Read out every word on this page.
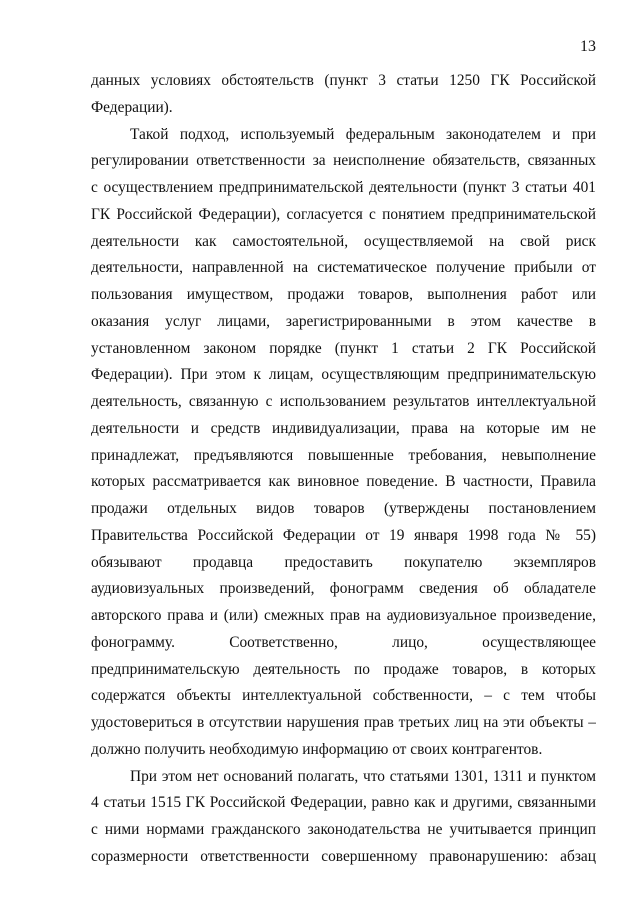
13
данных условиях обстоятельств (пункт 3 статьи 1250 ГК Российской
Федерации).
Такой подход, используемый федеральным законодателем и при
регулировании ответственности за неисполнение обязательств, связанных
с осуществлением предпринимательской деятельности (пункт 3 статьи 401
ГК Российской Федерации), согласуется с понятием предпринимательской
деятельности как самостоятельной, осуществляемой на свой риск
деятельности, направленной на систематическое получение прибыли от
пользования имуществом, продажи товаров, выполнения работ или
оказания услуг лицами, зарегистрированными в этом качестве в
установленном законом порядке (пункт 1 статьи 2 ГК Российской
Федерации). При этом к лицам, осуществляющим предпринимательскую
деятельность, связанную с использованием результатов интеллектуальной
деятельности и средств индивидуализации, права на которые им не
принадлежат, предъявляются повышенные требования, невыполнение
которых рассматривается как виновное поведение. В частности, Правила
продажи отдельных видов товаров (утверждены постановлением
Правительства Российской Федерации от 19 января 1998 года № 55)
обязывают продавца предоставить покупателю экземпляров
аудиовизуальных произведений, фонограмм сведения об обладателе
авторского права и (или) смежных прав на аудиовизуальное произведение,
фонограмму. Соответственно, лицо, осуществляющее
предпринимательскую деятельность по продаже товаров, в которых
содержатся объекты интеллектуальной собственности, – с тем чтобы
удостовериться в отсутствии нарушения прав третьих лиц на эти объекты –
должно получить необходимую информацию от своих контрагентов.
При этом нет оснований полагать, что статьями 1301, 1311 и пунктом
4 статьи 1515 ГК Российской Федерации, равно как и другими, связанными
с ними нормами гражданского законодательства не учитывается принцип
соразмерности ответственности совершенному правонарушению: абзац
